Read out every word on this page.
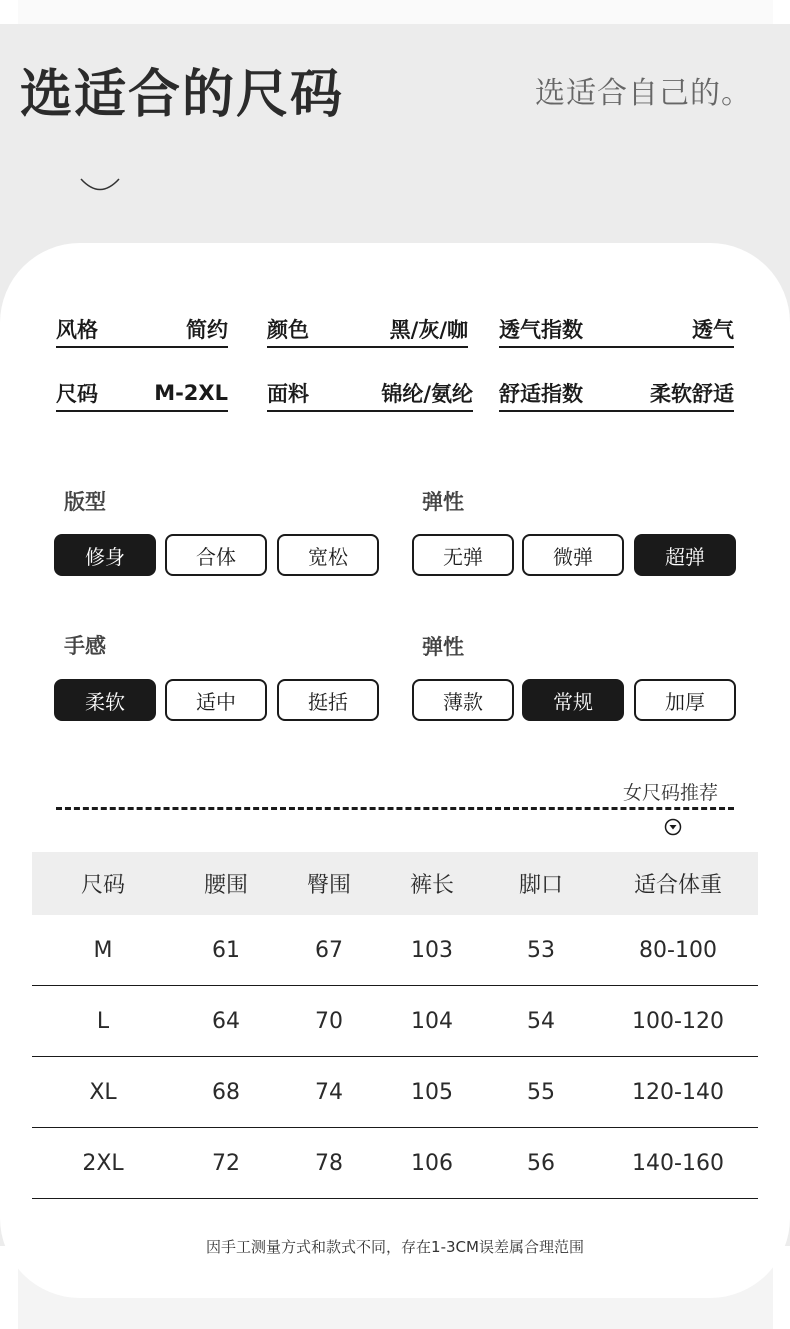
选适合的尺码	选适合自己的。
风格	简约 颜色	黑/灰/咖 透气指数	透气
尺码	M-2XL 面料	锦纶/氨纶 舒适指数	柔软舒适
版型
修身	合体	宽松
弹性
无弹	微弹	超弹
手感
柔软	适中	挺括
弹性
薄款	常规	加厚
女尺码推荐
尺码	腰围	臀围	裤长	脚口	适合体重
M	61	67	103	53	80-100
L	64	70	104	54	100-120
XL	68	74	105	55	120-140
2XL	72	78	106	56	140-160
因手工测量方式和款式不同，存在1-3CM误差属合理范围
